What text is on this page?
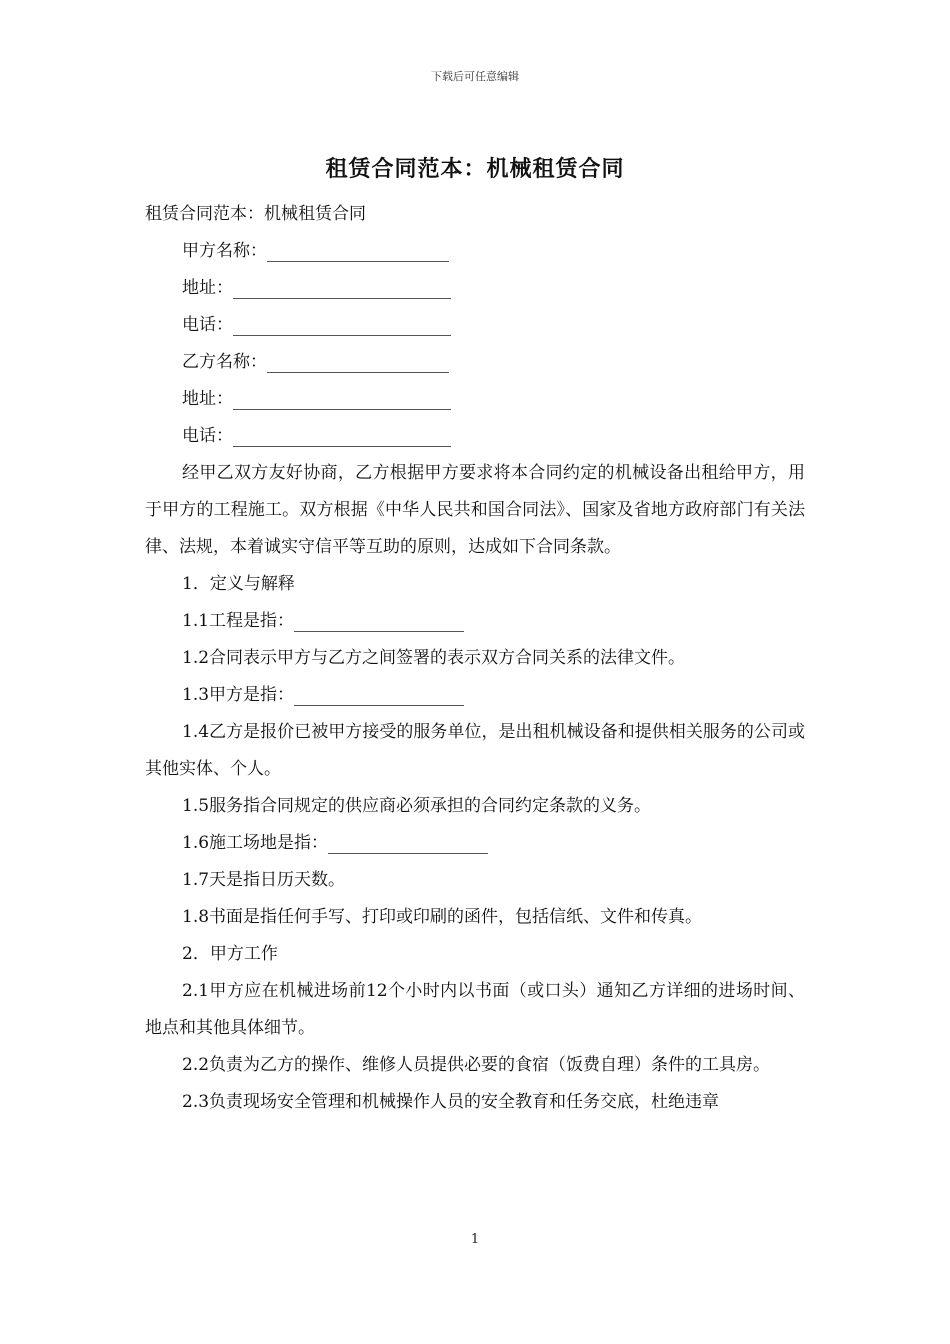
下载后可任意编辑
租赁合同范本：机械租赁合同

租赁合同范本：机械租赁合同

甲方名称：

地址：

电话：

乙方名称：

地址：

电话：

经甲乙双方友好协商，乙方根据甲方要求将本合同约定的机械设备出租给甲方，用于甲方的工程施工。双方根据《中华人民共和国合同法》、国家及省地方政府部门有关法律、法规，本着诚实守信平等互助的原则，达成如下合同条款。

1．定义与解释

1.1工程是指：

1.2合同表示甲方与乙方之间签署的表示双方合同关系的法律文件。

1.3甲方是指：

1.4乙方是报价已被甲方接受的服务单位，是出租机械设备和提供相关服务的公司或其他实体、个人。

1.5服务指合同规定的供应商必须承担的合同约定条款的义务。

1.6施工场地是指：

1.7天是指日历天数。

1.8书面是指任何手写、打印或印刷的函件，包括信纸、文件和传真。

2．甲方工作

2.1甲方应在机械进场前12个小时内以书面（或口头）通知乙方详细的进场时间、地点和其他具体细节。

2.2负责为乙方的操作、维修人员提供必要的食宿（饭费自理）条件的工具房。

2.3负责现场安全管理和机械操作人员的安全教育和任务交底，杜绝违章

1
